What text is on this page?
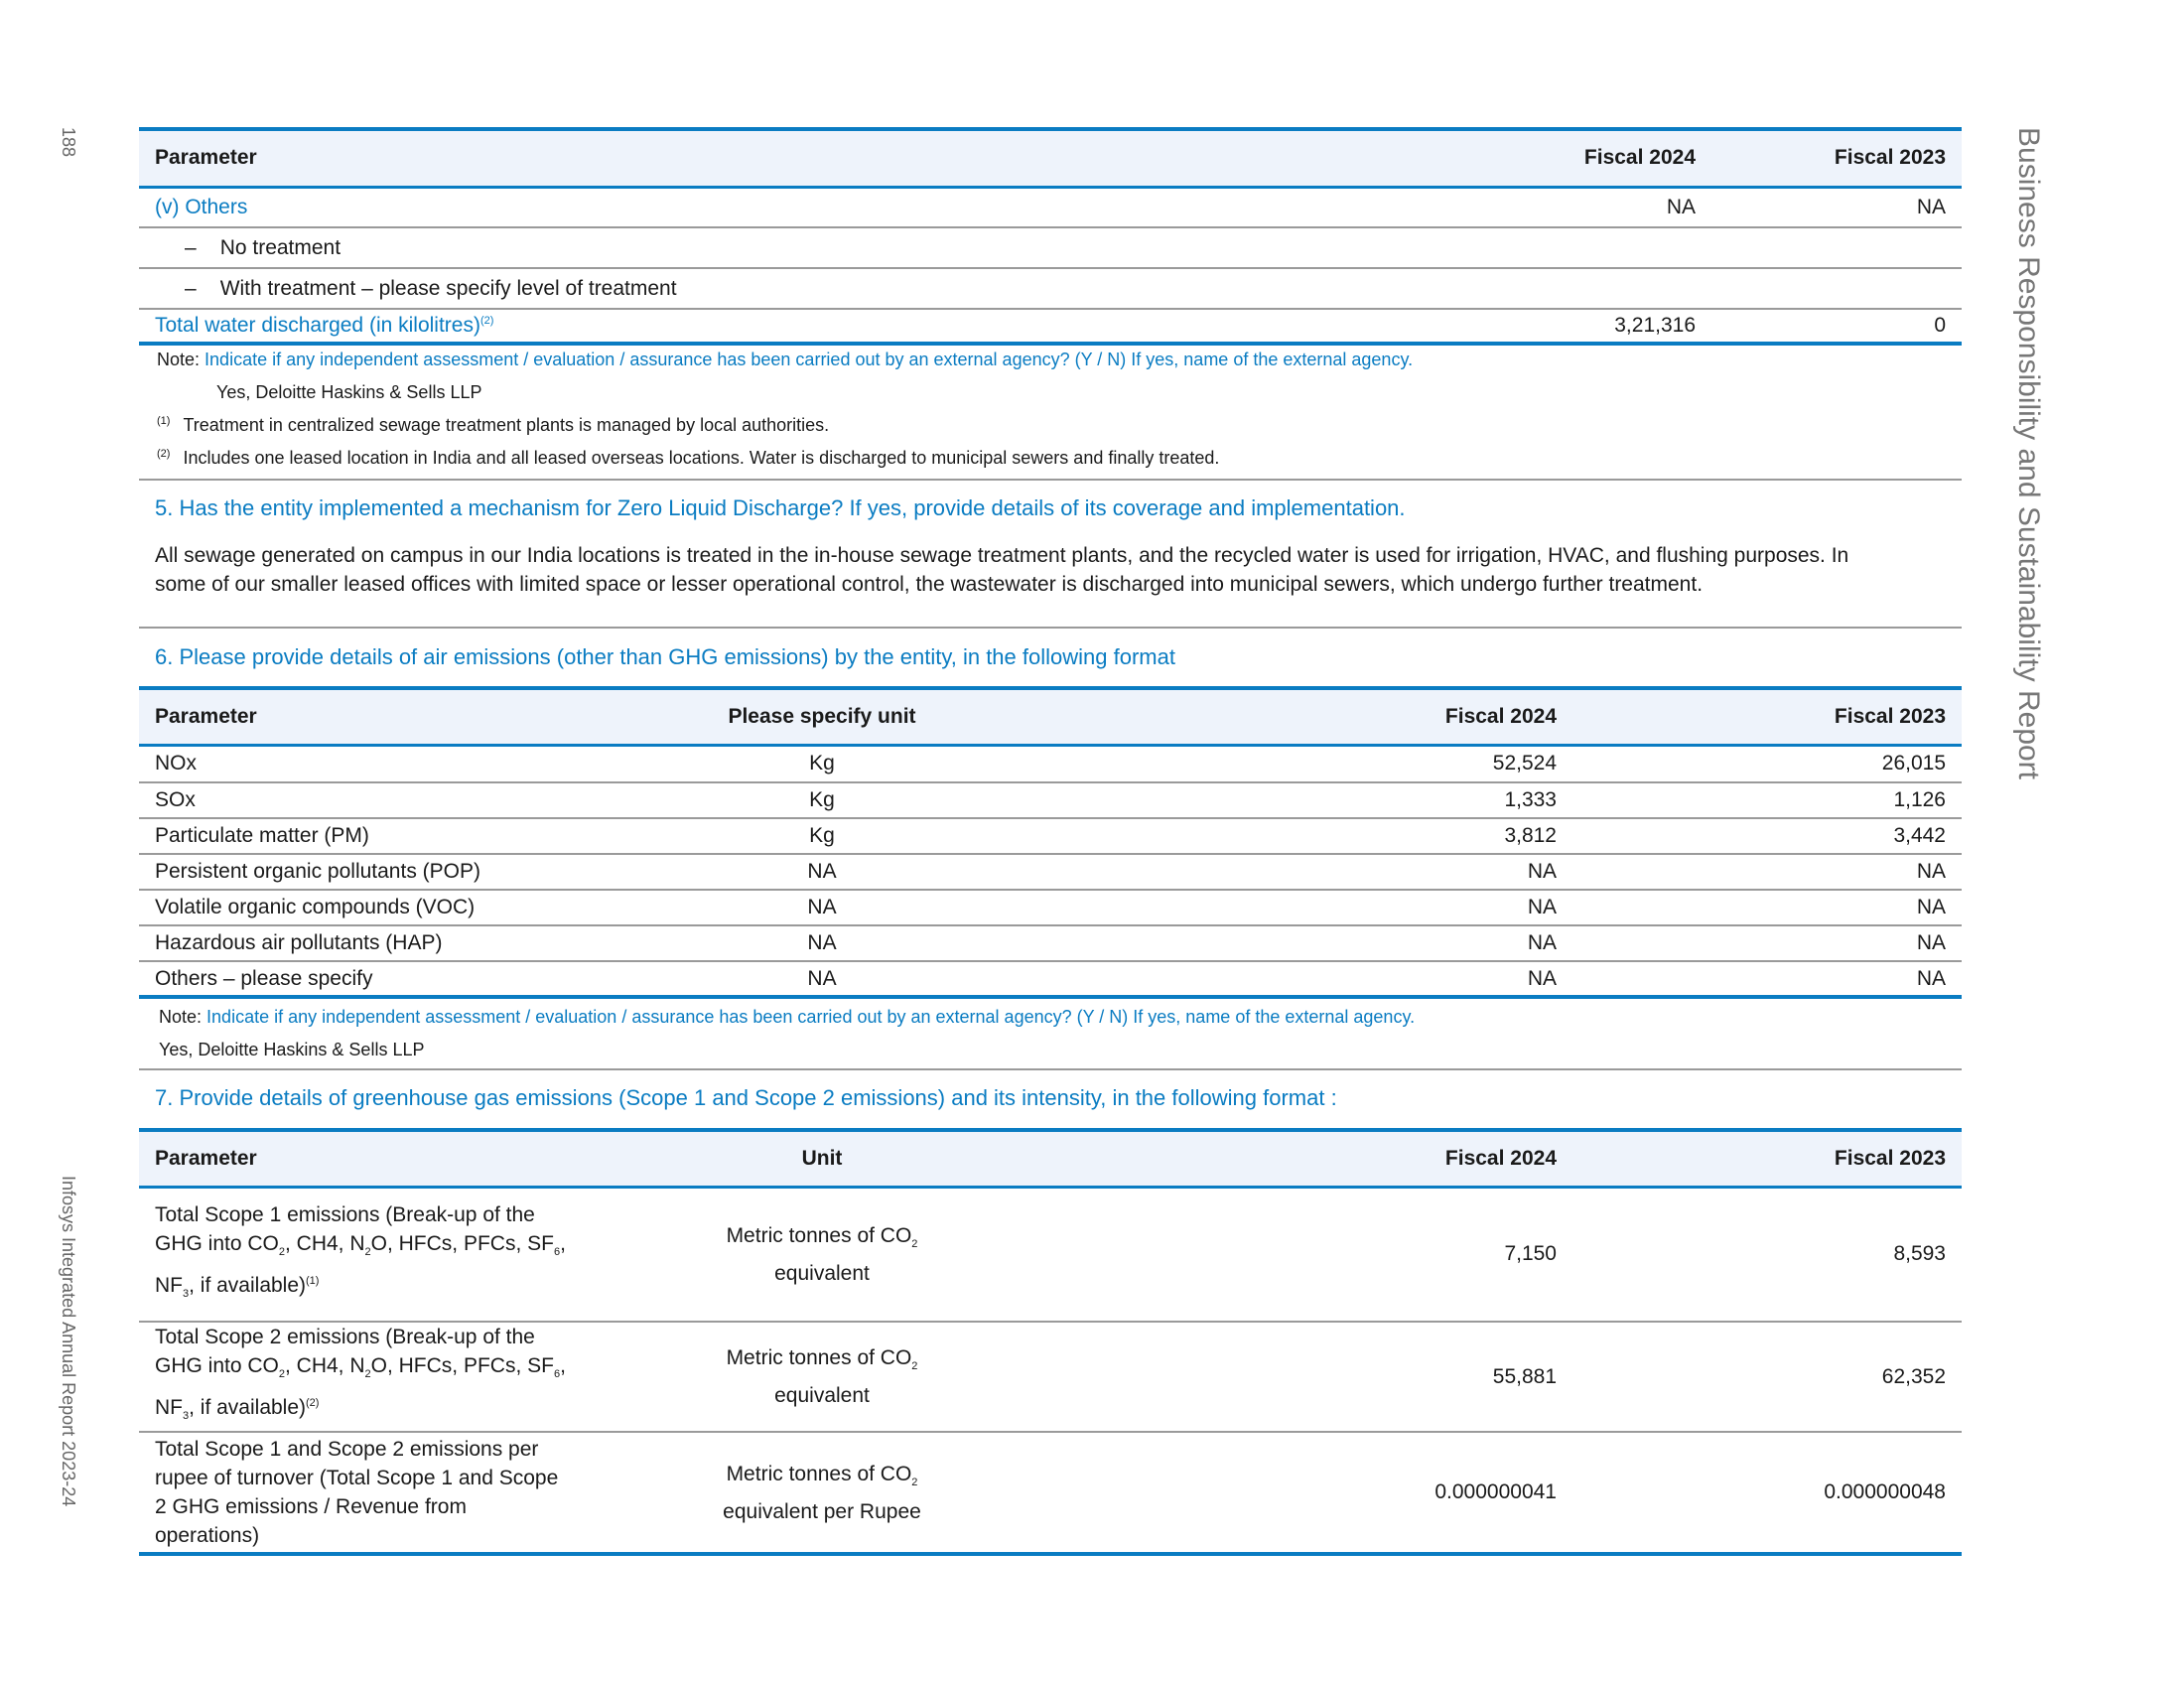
188	Business Responsibility and Sustainability Report
Infosys Integrated Annual Report 2023-24
Parameter	Fiscal 2024	Fiscal 2023
(v) Others	NA	NA
– No treatment		
– With treatment – please specify level of treatment		
Total water discharged (in kilolitres)$^{(2)}$	3,21,316	0
Note: Indicate if any independent assessment / evaluation / assurance has been carried out by an external agency? (Y / N) If yes, name of the external agency.
Yes, Deloitte Haskins & Sells LLP
$^{(1)}$ Treatment in centralized sewage treatment plants is managed by local authorities.
$^{(2)}$ Includes one leased location in India and all leased overseas locations. Water is discharged to municipal sewers and finally treated.
5. Has the entity implemented a mechanism for Zero Liquid Discharge? If yes, provide details of its coverage and implementation.
All sewage generated on campus in our India locations is treated in the in-house sewage treatment plants, and the recycled water is used for irrigation, HVAC, and flushing purposes. In some of our smaller leased offices with limited space or lesser operational control, the wastewater is discharged into municipal sewers, which undergo further treatment.
6. Please provide details of air emissions (other than GHG emissions) by the entity, in the following format
Parameter	Please specify unit	Fiscal 2024	Fiscal 2023
NOx	Kg	52,524	26,015
SOx	Kg	1,333	1,126
Particulate matter (PM)	Kg	3,812	3,442
Persistent organic pollutants (POP)	NA	NA	NA
Volatile organic compounds (VOC)	NA	NA	NA
Hazardous air pollutants (HAP)	NA	NA	NA
Others – please specify	NA	NA	NA
Note: Indicate if any independent assessment / evaluation / assurance has been carried out by an external agency? (Y / N) If yes, name of the external agency.
Yes, Deloitte Haskins & Sells LLP
7. Provide details of greenhouse gas emissions (Scope 1 and Scope 2 emissions) and its intensity, in the following format :
Parameter	Unit	Fiscal 2024	Fiscal 2023

Total Scope 1 emissions (Break-up of the GHG into $CO_2$, CH4, $N_2O$, HFCs, PFCs, $SF_6$, $NF_3$, if available)$^{(1)}$	Metric tonnes of $CO_2$
equivalent	7,150	8,593

Total Scope 2 emissions (Break-up of the GHG into $CO_2$, CH4, $N_2O$, HFCs, PFCs, $SF_6$, $NF_3$, if available)$^{(2)}$	Metric tonnes of $CO_2$
equivalent	55,881	62,352

Total Scope 1 and Scope 2 emissions per rupee of turnover (Total Scope 1 and Scope 2 GHG emissions / Revenue from operations)	Metric tonnes of $CO_2$
equivalent per Rupee	0.000000041	0.000000048
